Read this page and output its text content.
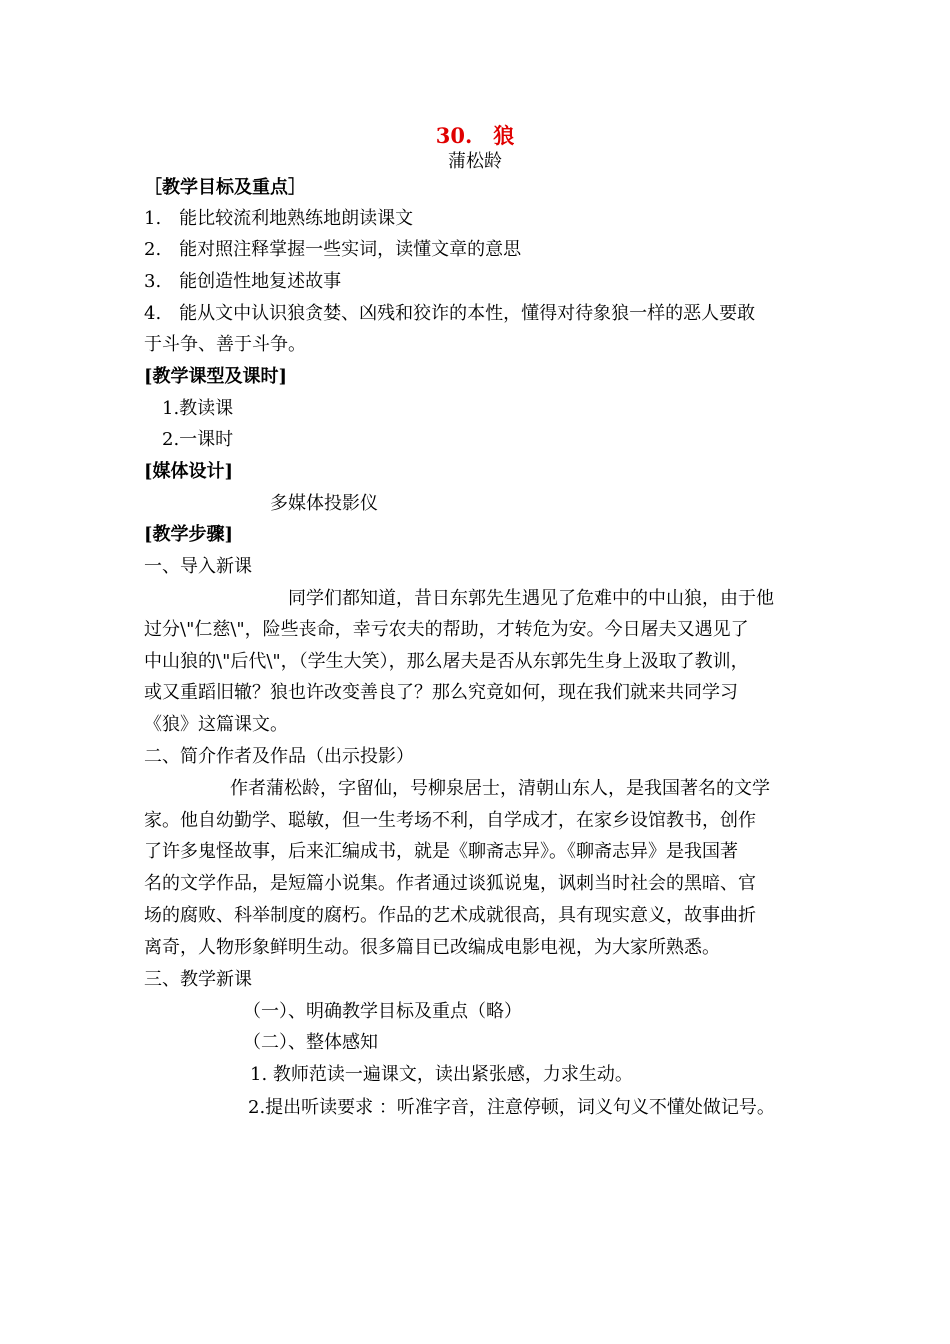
30.　狼
蒲松龄
［教学目标及重点］
1.　能比较流利地熟练地朗读课文
2.　能对照注释掌握一些实词，读懂文章的意思
3.　能创造性地复述故事
4.　能从文中认识狼贪婪、凶残和狡诈的本性，懂得对待象狼一样的恶人要敢
于斗争、善于斗争。
[教学课型及课时]
1.教读课
2.一课时
[媒体设计]
多媒体投影仪
[教学步骤]
一、导入新课
同学们都知道，昔日东郭先生遇见了危难中的中山狼，由于他
过分\"仁慈\"，险些丧命，幸亏农夫的帮助，才转危为安。今日屠夫又遇见了
中山狼的\"后代\"，（学生大笑），那么屠夫是否从东郭先生身上汲取了教训，
或又重蹈旧辙？狼也许改变善良了？那么究竟如何，现在我们就来共同学习
《狼》这篇课文。
二、简介作者及作品（出示投影）
作者蒲松龄，字留仙，号柳泉居士，清朝山东人，是我国著名的文学
家。他自幼勤学、聪敏，但一生考场不利，自学成才，在家乡设馆教书，创作
了许多鬼怪故事，后来汇编成书，就是《聊斋志异》。《聊斋志异》是我国著
名的文学作品，是短篇小说集。作者通过谈狐说鬼，讽刺当时社会的黑暗、官
场的腐败、科举制度的腐朽。作品的艺术成就很高，具有现实意义，故事曲折
离奇，人物形象鲜明生动。很多篇目已改编成电影电视，为大家所熟悉。
三、教学新课
（一）、明确教学目标及重点（略）
（二）、整体感知
1. 教师范读一遍课文，读出紧张感，力求生动。
2.提出听读要求 ：听准字音，注意停顿，词义句义不懂处做记号。
